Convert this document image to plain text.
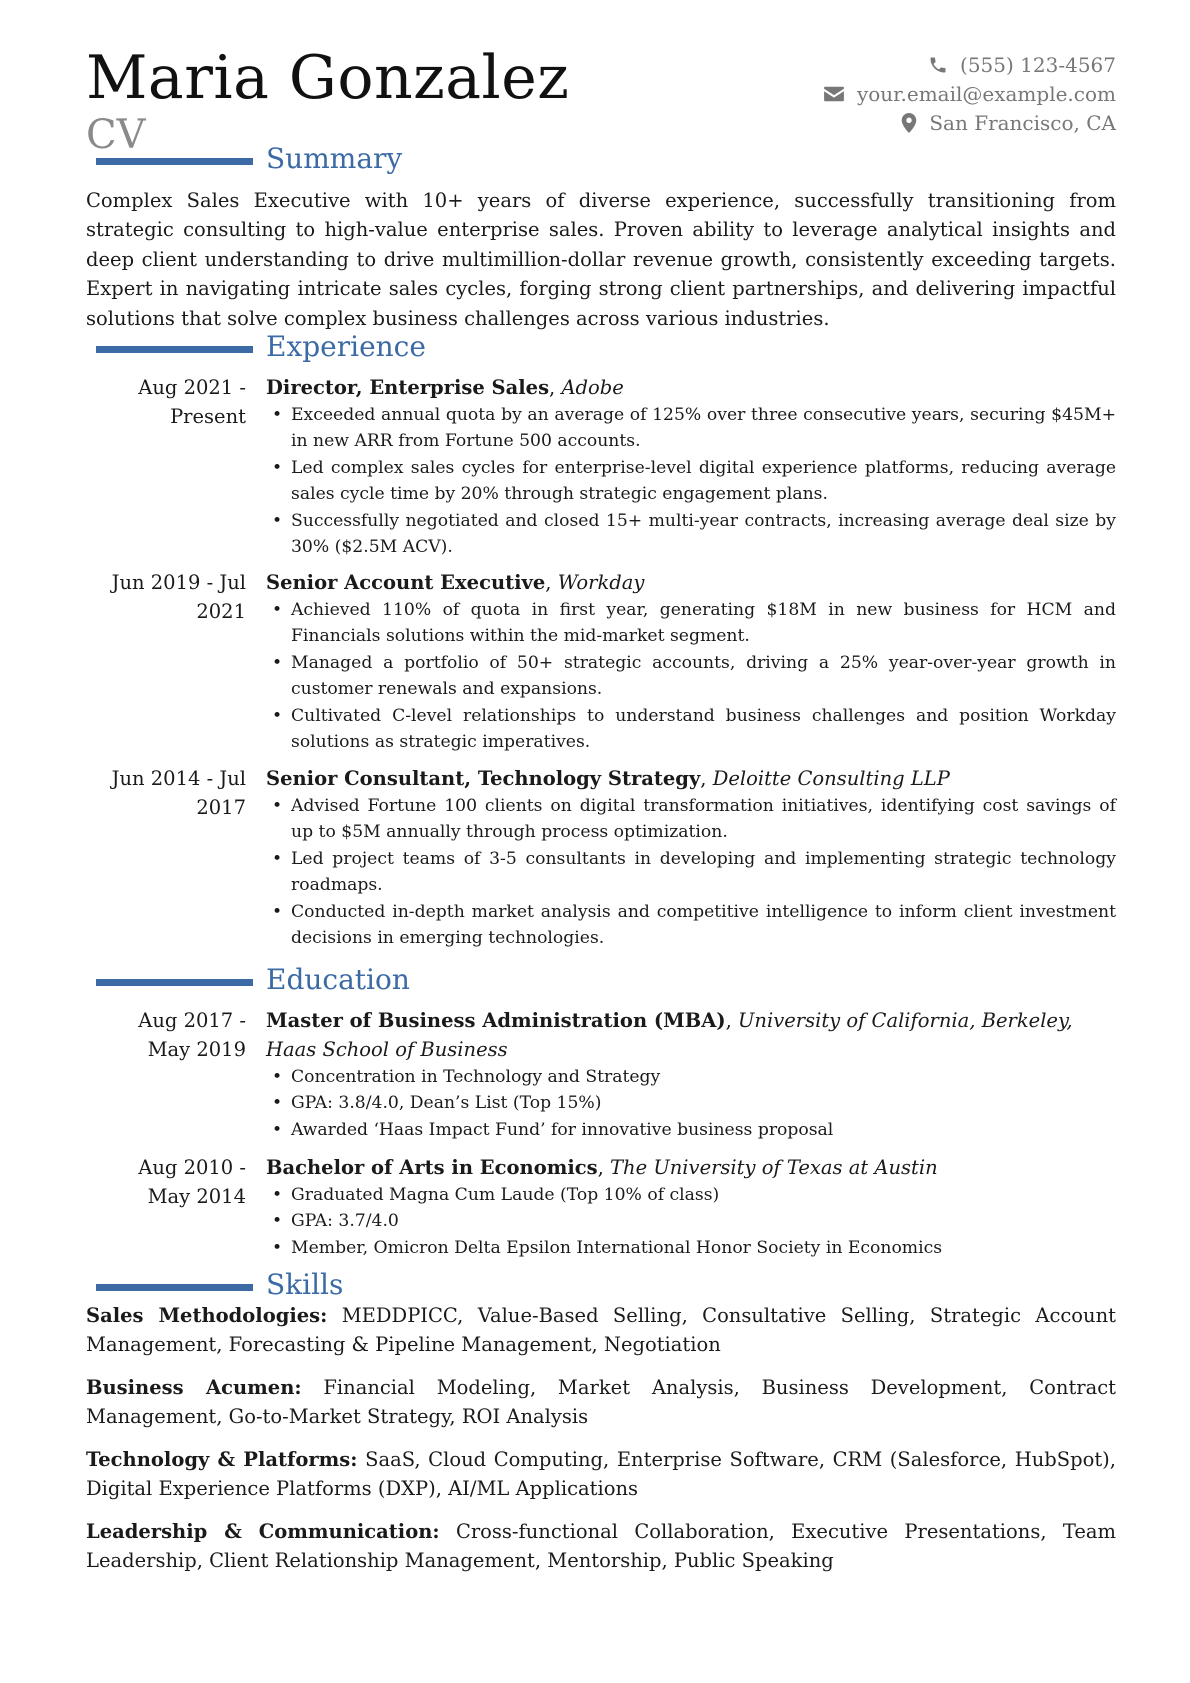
Maria Gonzalez
CV
(555) 123-4567
your.email@example.com
San Francisco, CA
Summary
Complex Sales Executive with 10+ years of diverse experience, successfully transitioning from strategic consulting to high-value enterprise sales. Proven ability to leverage analytical insights and deep client understanding to drive multimillion-dollar revenue growth, consistently exceeding targets. Expert in navigating intricate sales cycles, forging strong client partnerships, and delivering impactful solutions that solve complex business challenges across various industries.
Experience
Aug 2021 -
Present
Director, Enterprise Sales, Adobe
• Exceeded annual quota by an average of 125% over three consecutive years, securing $45M+ in new ARR from Fortune 500 accounts.
• Led complex sales cycles for enterprise-level digital experience platforms, reducing average sales cycle time by 20% through strategic engagement plans.
• Successfully negotiated and closed 15+ multi-year contracts, increasing average deal size by 30% ($2.5M ACV).
Jun 2019 - Jul
2021
Senior Account Executive, Workday
• Achieved 110% of quota in first year, generating $18M in new business for HCM and Financials solutions within the mid-market segment.
• Managed a portfolio of 50+ strategic accounts, driving a 25% year-over-year growth in customer renewals and expansions.
• Cultivated C-level relationships to understand business challenges and position Workday solutions as strategic imperatives.
Jun 2014 - Jul
2017
Senior Consultant, Technology Strategy, Deloitte Consulting LLP
• Advised Fortune 100 clients on digital transformation initiatives, identifying cost savings of up to $5M annually through process optimization.
• Led project teams of 3-5 consultants in developing and implementing strategic technology roadmaps.
• Conducted in-depth market analysis and competitive intelligence to inform client investment decisions in emerging technologies.
Education
Aug 2017 -
May 2019
Master of Business Administration (MBA), University of California, Berkeley, Haas School of Business
• Concentration in Technology and Strategy
• GPA: 3.8/4.0, Dean’s List (Top 15%)
• Awarded ‘Haas Impact Fund’ for innovative business proposal
Aug 2010 -
May 2014
Bachelor of Arts in Economics, The University of Texas at Austin
• Graduated Magna Cum Laude (Top 10% of class)
• GPA: 3.7/4.0
• Member, Omicron Delta Epsilon International Honor Society in Economics
Skills
Sales Methodologies: MEDDPICC, Value-Based Selling, Consultative Selling, Strategic Account Management, Forecasting & Pipeline Management, Negotiation
Business Acumen: Financial Modeling, Market Analysis, Business Development, Contract Management, Go-to-Market Strategy, ROI Analysis
Technology & Platforms: SaaS, Cloud Computing, Enterprise Software, CRM (Salesforce, HubSpot), Digital Experience Platforms (DXP), AI/ML Applications
Leadership & Communication: Cross-functional Collaboration, Executive Presentations, Team Leadership, Client Relationship Management, Mentorship, Public Speaking
